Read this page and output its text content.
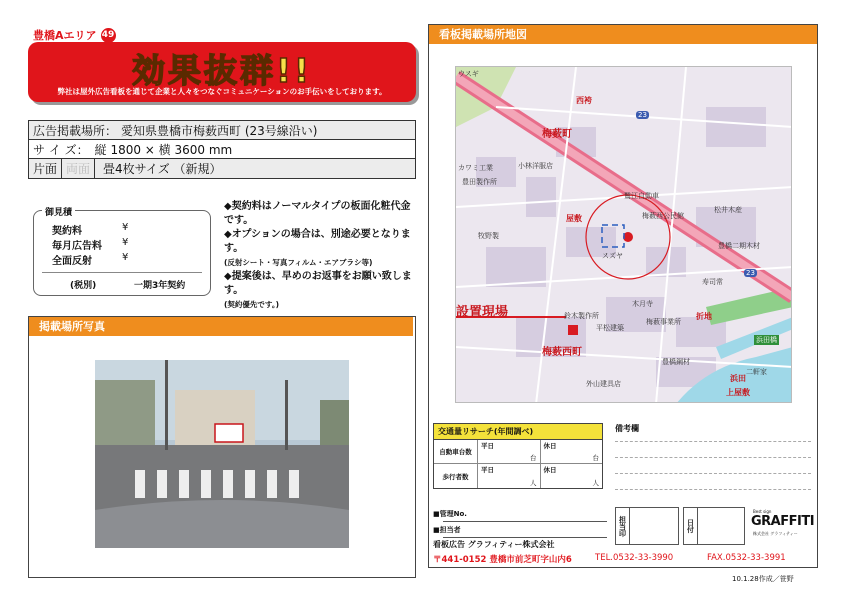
豊橋Aエリア 49
効果抜群!!
弊社は屋外広告看板を通じて企業と人々をつなぐコミュニケーションのお手伝いをしております。
広告掲載場所： 愛知県豊橋市梅薮西町 (23号線沿い)
サ イ ズ： 縦 1800 × 横 3600 mm
片面 両面	畳4枚サイズ （新規）
御見積
契約料	¥
毎月広告料 ¥
全面反射	¥
(税別)	一期3年契約
◆契約料はノーマルタイプの板面化粧代金です。
◆オプションの場合は、別途必要となります。
(反射シート・写真フィルム・エアブラシ等)
◆提案後は、早めのお返事をお願い致します。
(契約優先です。)
掲載場所写真
看板掲載場所地図
ウスギ
23
23
西袴
梅薮町
屋敷
梅薮西町
上屋敷
浜田
折地
鷲江自動車
梅薮西公民館
松井木産
小林洋服店
豊橋二期木材
寿司常
牧野製
鈴木製作所
平松建築
梅薮事業所
木月寺
浜田橋
スズヤ
カワミ工業
豊田製作所
外山建具店
二軒家
豊橋鋼材
設置現場
交通量リサーチ(年間調べ)
自動車台数
平日
台
休日
台
歩行者数
平日
人
休日
人
備考欄
■管理No.
■担当者	担当印	日付
Best sign
GRAFFITI
株式会社 グラフィティー
看板広告 グラフィティー株式会社
〒441-0152 豊橋市前芝町字山内6	TEL.0532-33-3990	FAX.0532-33-3991
10.1.28作成／笹野
